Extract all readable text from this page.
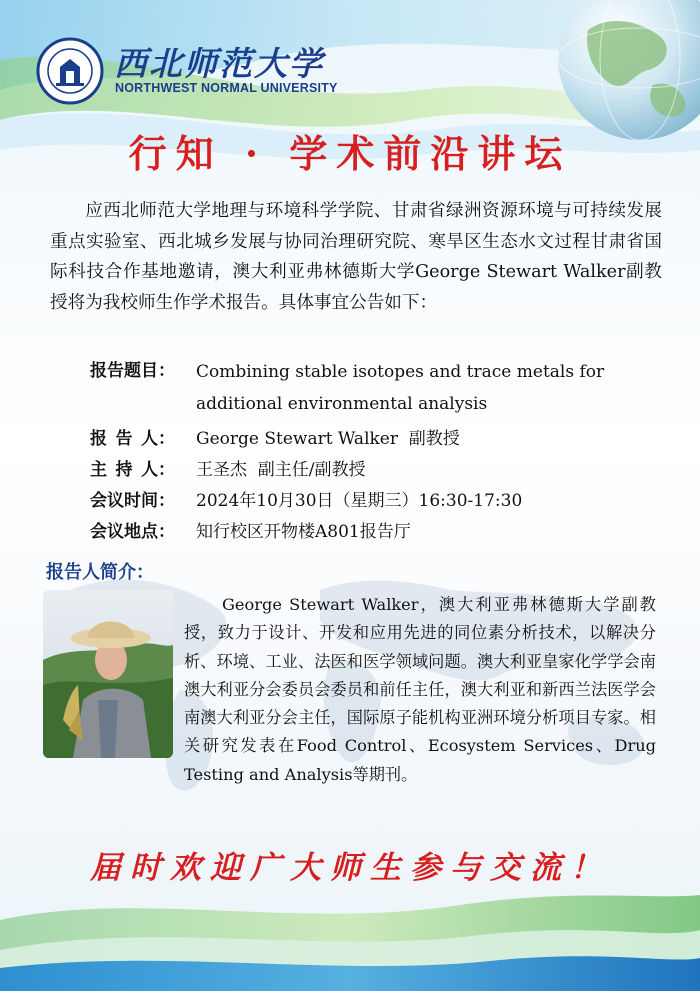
西北师范大学
NORTHWEST NORMAL UNIVERSITY
行知 · 学术前沿讲坛
应西北师范大学地理与环境科学学院、甘肃省绿洲资源环境与可持续发展重点实验室、西北城乡发展与协同治理研究院、寒旱区生态水文过程甘肃省国际科技合作基地邀请，澳大利亚弗林德斯大学George Stewart Walker副教授将为我校师生作学术报告。具体事宜公告如下：
报告题目：	Combining stable isotopes and trace metals for additional environmental analysis
报告人：	George Stewart Walker  副教授
主持人：	王圣杰  副主任/副教授
会议时间：	2024年10月30日（星期三）16:30-17:30
会议地点：	知行校区开物楼A801报告厅
报告人简介：
George Stewart Walker，澳大利亚弗林德斯大学副教授，致力于设计、开发和应用先进的同位素分析技术，以解决分析、环境、工业、法医和医学领域问题。澳大利亚皇家化学学会南澳大利亚分会委员会委员和前任主任，澳大利亚和新西兰法医学会南澳大利亚分会主任，国际原子能机构亚洲环境分析项目专家。相关研究发表在Food Control、Ecosystem Services、Drug Testing and Analysis等期刊。
届时欢迎广大师生参与交流！
